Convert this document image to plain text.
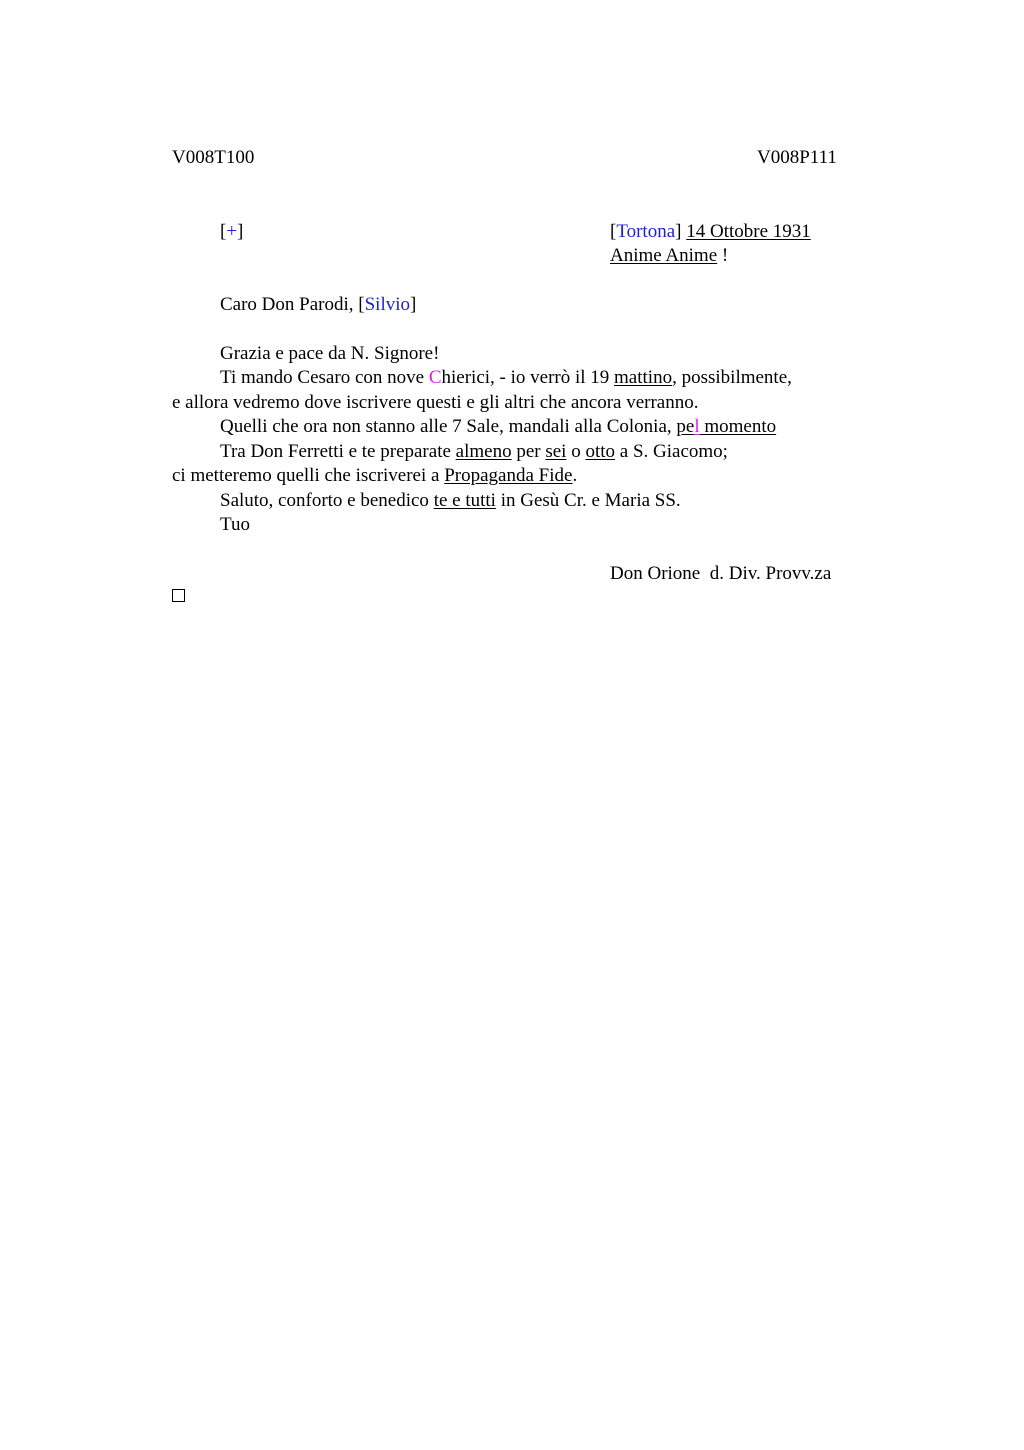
V008T100	V008P111
[+]	[Tortona] 14 Ottobre 1931
Anime Anime !
Caro Don Parodi, [Silvio]
Grazia e pace da N. Signore!
Ti mando Cesaro con nove Chierici, - io verrò il 19 mattino, possibilmente,
e allora vedremo dove iscrivere questi e gli altri che ancora verranno.
Quelli che ora non stanno alle 7 Sale, mandali alla Colonia, pel momento
Tra Don Ferretti e te preparate almeno per sei o otto a S. Giacomo;
ci metteremo quelli che iscriverei a Propaganda Fide.
Saluto, conforto e benedico te e tutti in Gesù Cr. e Maria SS.
Tuo
Don Orione  d. Div. Provv.za
